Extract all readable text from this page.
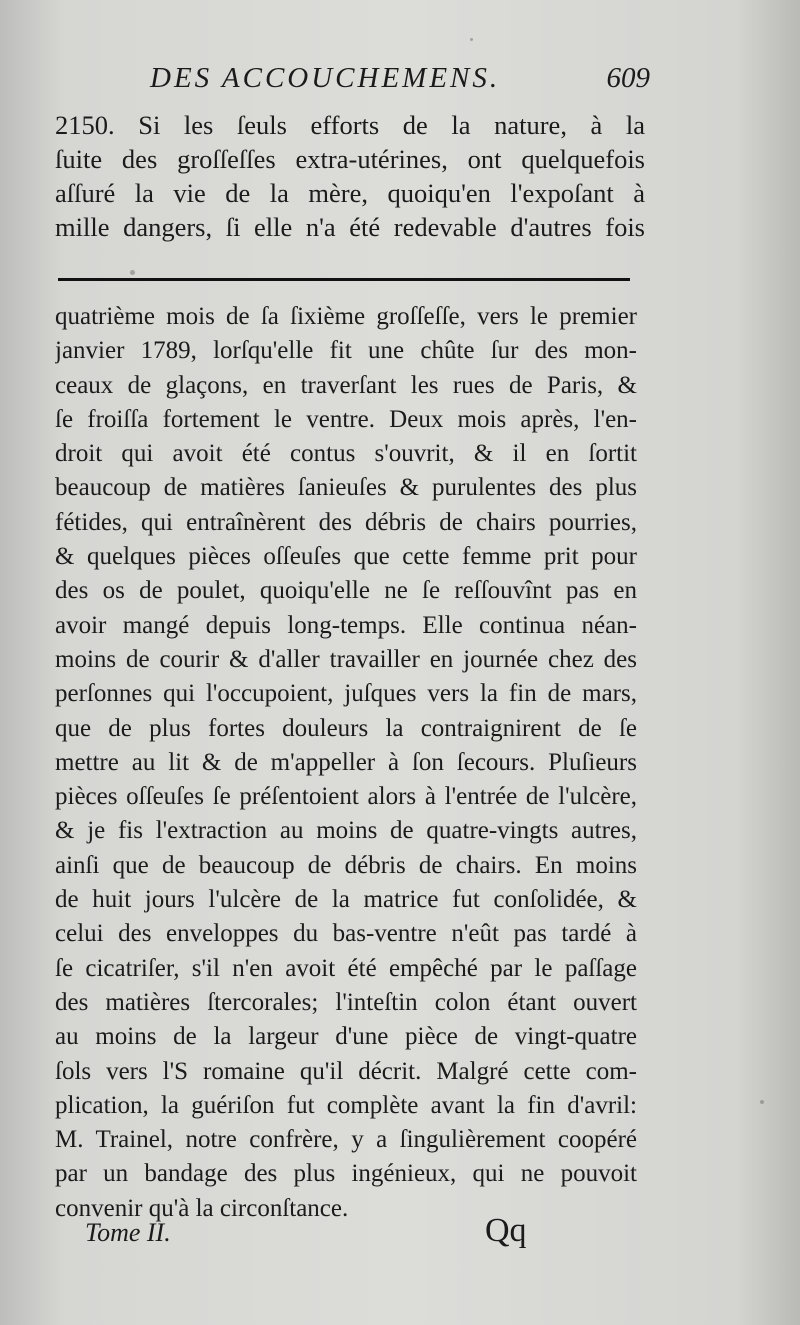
DES ACCOUCHEMENS.	609
2150. Si les ſeuls efforts de la nature, à la
ſuite des groſſeſſes extra-utérines, ont quelquefois
aſſuré la vie de la mère, quoiqu'en l'expoſant à
mille dangers, ſi elle n'a été redevable d'autres fois
quatrième mois de ſa ſixième groſſeſſe, vers le premier
janvier 1789, lorſqu'elle fit une chûte ſur des mon-
ceaux de glaçons, en traverſant les rues de Paris, &
ſe froiſſa fortement le ventre. Deux mois après, l'en-
droit qui avoit été contus s'ouvrit, & il en ſortit
beaucoup de matières ſanieuſes & purulentes des plus
fétides, qui entraînèrent des débris de chairs pourries,
& quelques pièces oſſeuſes que cette femme prit pour
des os de poulet, quoiqu'elle ne ſe reſſouvînt pas en
avoir mangé depuis long-temps. Elle continua néan-
moins de courir & d'aller travailler en journée chez des
perſonnes qui l'occupoient, juſques vers la fin de mars,
que de plus fortes douleurs la contraignirent de ſe
mettre au lit & de m'appeller à ſon ſecours. Pluſieurs
pièces oſſeuſes ſe préſentoient alors à l'entrée de l'ulcère,
& je fis l'extraction au moins de quatre-vingts autres,
ainſi que de beaucoup de débris de chairs. En moins
de huit jours l'ulcère de la matrice fut conſolidée, &
celui des enveloppes du bas-ventre n'eût pas tardé à
ſe cicatriſer, s'il n'en avoit été empêché par le paſſage
des matières ſtercorales; l'inteſtin colon étant ouvert
au moins de la largeur d'une pièce de vingt-quatre
ſols vers l'S romaine qu'il décrit. Malgré cette com-
plication, la guériſon fut complète avant la fin d'avril:
M. Trainel, notre confrère, y a ſingulièrement coopéré
par un bandage des plus ingénieux, qui ne pouvoit
convenir qu'à la circonſtance.
Tome II.	Qq
